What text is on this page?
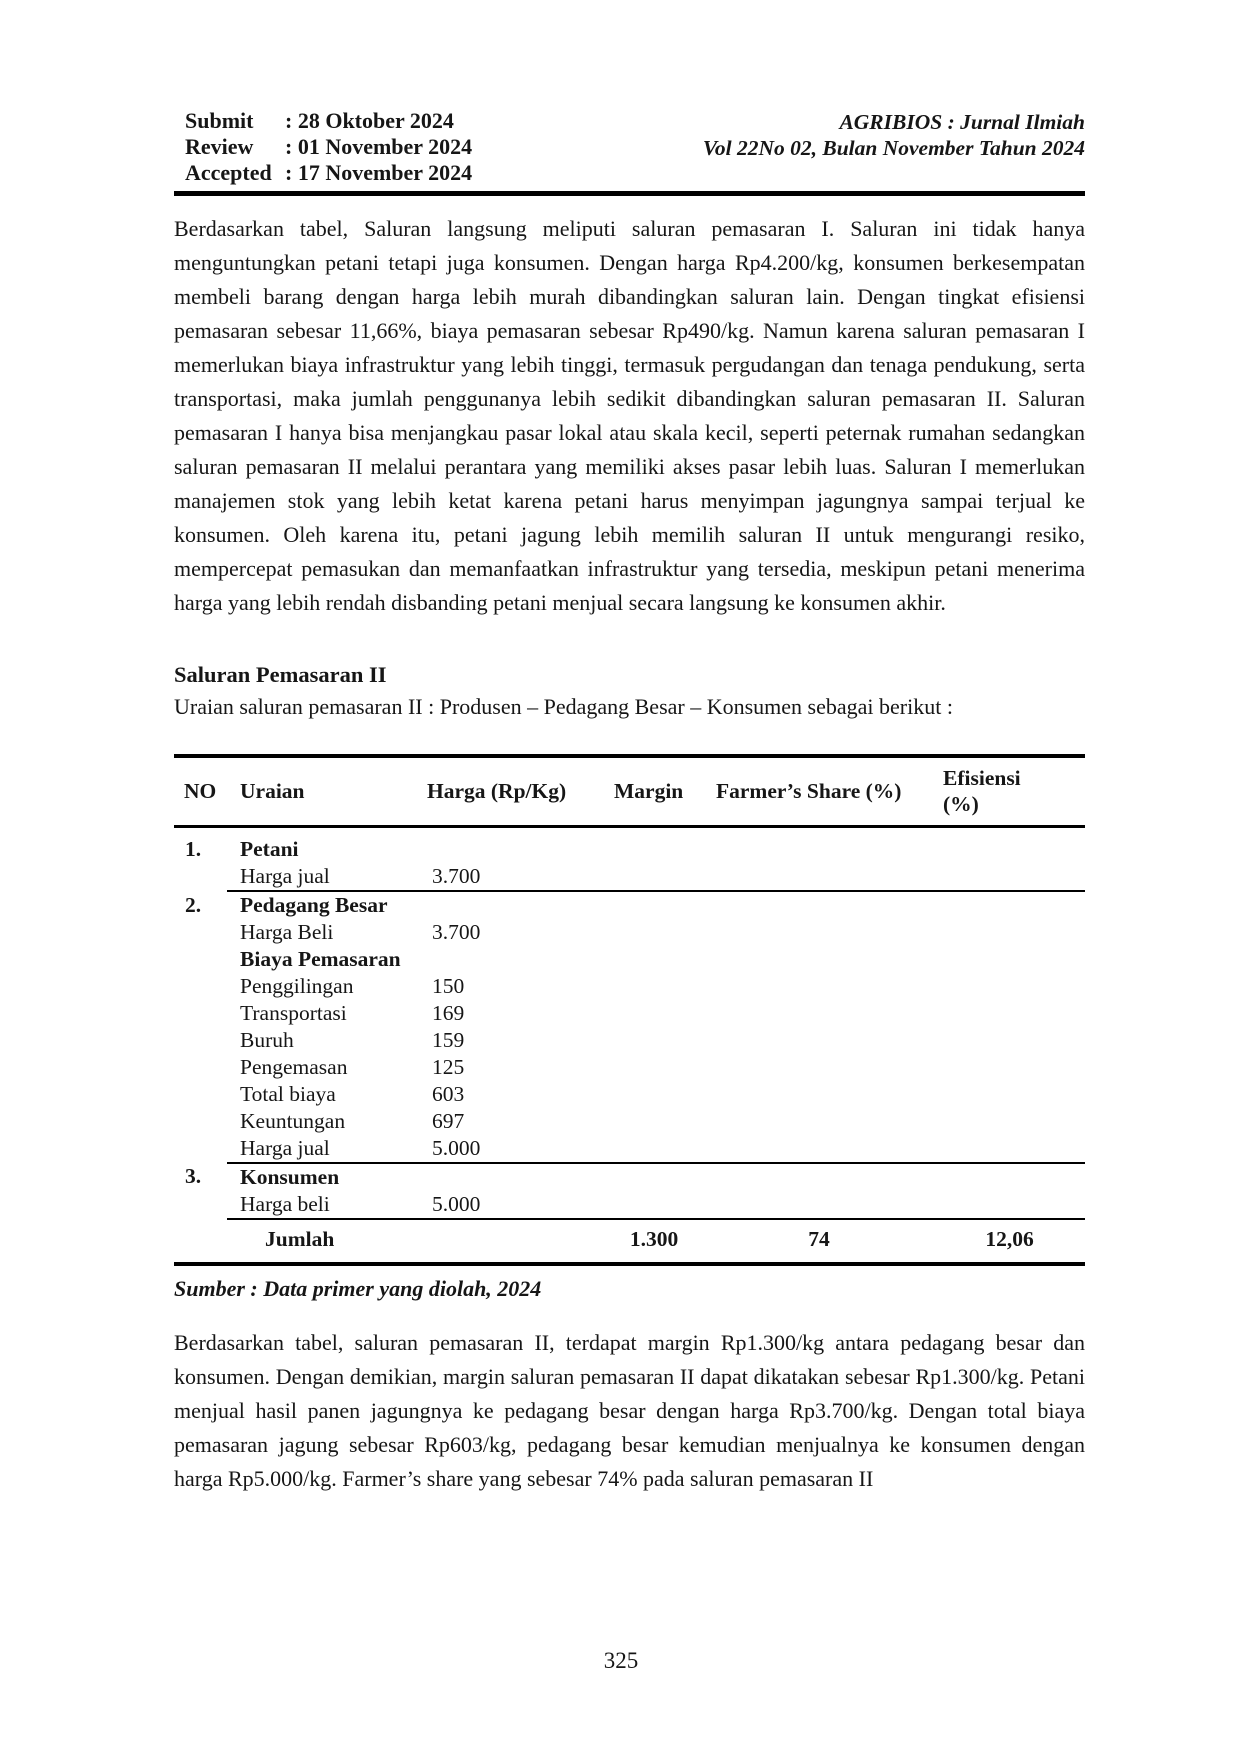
Submit : 28 Oktober 2024
Review : 01 November 2024
Accepted : 17 November 2024
AGRIBIOS : Jurnal Ilmiah
Vol 22No 02, Bulan November Tahun 2024

Berdasarkan tabel, Saluran langsung meliputi saluran pemasaran I. Saluran ini tidak hanya menguntungkan petani tetapi juga konsumen. Dengan harga Rp4.200/kg, konsumen berkesempatan membeli barang dengan harga lebih murah dibandingkan saluran lain. Dengan tingkat efisiensi pemasaran sebesar 11,66%, biaya pemasaran sebesar Rp490/kg. Namun karena saluran pemasaran I memerlukan biaya infrastruktur yang lebih tinggi, termasuk pergudangan dan tenaga pendukung, serta transportasi, maka jumlah penggunanya lebih sedikit dibandingkan saluran pemasaran II. Saluran pemasaran I hanya bisa menjangkau pasar lokal atau skala kecil, seperti peternak rumahan sedangkan saluran pemasaran II melalui perantara yang memiliki akses pasar lebih luas. Saluran I memerlukan manajemen stok yang lebih ketat karena petani harus menyimpan jagungnya sampai terjual ke konsumen. Oleh karena itu, petani jagung lebih memilih saluran II untuk mengurangi resiko, mempercepat pemasukan dan memanfaatkan infrastruktur yang tersedia, meskipun petani menerima harga yang lebih rendah disbanding petani menjual secara langsung ke konsumen akhir.

Saluran Pemasaran II

Uraian saluran pemasaran II : Produsen – Pedagang Besar – Konsumen sebagai berikut :

NO	Uraian	Harga (Rp/Kg)	Margin	Farmer’s Share (%)	Efisiensi (%)
1.	Petani				
	Harga jual	3.700			
2.	Pedagang Besar				
	Harga Beli	3.700			
	Biaya Pemasaran				
	Penggilingan	150			
	Transportasi	169			
	Buruh	159			
	Pengemasan	125			
	Total biaya	603			
	Keuntungan	697			
	Harga jual	5.000			
3.	Konsumen				
	Harga beli	5.000			
	Jumlah		1.300	74	12,06

Sumber : Data primer yang diolah, 2024

Berdasarkan tabel, saluran pemasaran II, terdapat margin Rp1.300/kg antara pedagang besar dan konsumen. Dengan demikian, margin saluran pemasaran II dapat dikatakan sebesar Rp1.300/kg. Petani menjual hasil panen jagungnya ke pedagang besar dengan harga Rp3.700/kg. Dengan total biaya pemasaran jagung sebesar Rp603/kg, pedagang besar kemudian menjualnya ke konsumen dengan harga Rp5.000/kg. Farmer’s share yang sebesar 74% pada saluran pemasaran II

325
